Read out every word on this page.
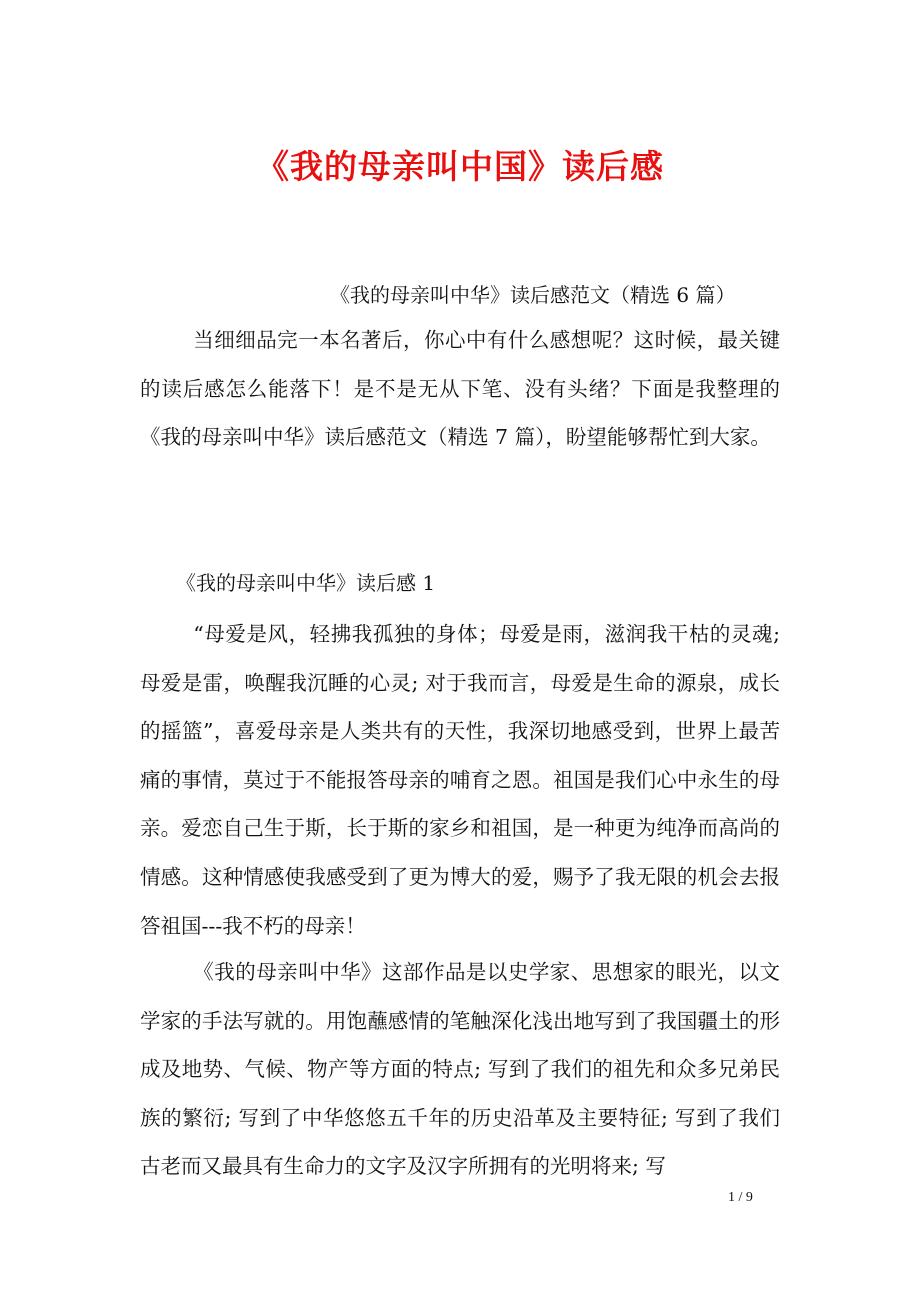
《我的母亲叫中国》读后感
《我的母亲叫中华》读后感范文（精选 6 篇）

当细细品完一本名著后，你心中有什么感想呢？这时候，最关键的读后感怎么能落下！是不是无从下笔、没有头绪？下面是我整理的《我的母亲叫中华》读后感范文（精选 7 篇），盼望能够帮忙到大家。

《我的母亲叫中华》读后感 1

“母爱是风，轻拂我孤独的身体；母爱是雨，滋润我干枯的灵魂; 母爱是雷，唤醒我沉睡的心灵; 对于我而言，母爱是生命的源泉，成长的摇篮”，喜爱母亲是人类共有的天性，我深切地感受到，世界上最苦痛的事情，莫过于不能报答母亲的哺育之恩。祖国是我们心中永生的母亲。爱恋自己生于斯，长于斯的家乡和祖国，是一种更为纯净而高尚的情感。这种情感使我感受到了更为博大的爱，赐予了我无限的机会去报答祖国---我不朽的母亲！

《我的母亲叫中华》这部作品是以史学家、思想家的眼光，以文学家的手法写就的。用饱蘸感情的笔触深化浅出地写到了我国疆土的形成及地势、气候、物产等方面的特点; 写到了我们的祖先和众多兄弟民族的繁衍; 写到了中华悠悠五千年的历史沿革及主要特征; 写到了我们古老而又最具有生命力的文字及汉字所拥有的光明将来; 写

1 / 9
